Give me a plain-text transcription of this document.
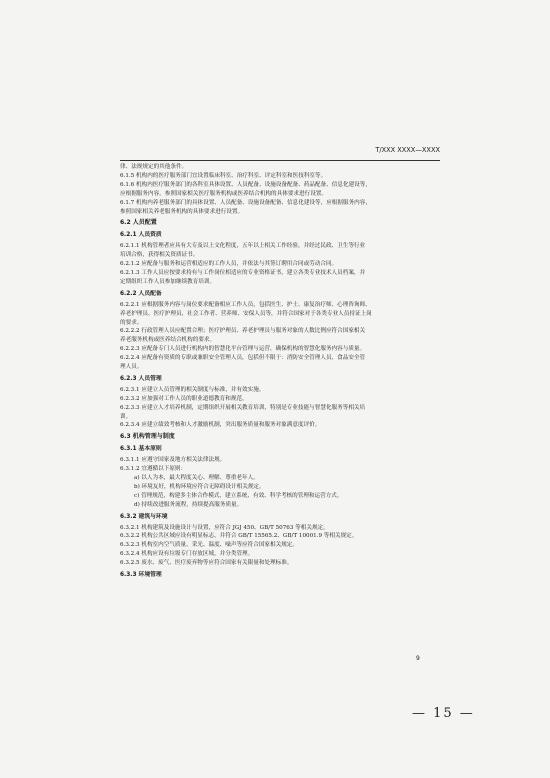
T/XXX XXXX—XXXX

律、法规规定的其他条件。

6.1.5 机构内的医疗服务部门宜设置临床科室、治疗科室、评定科室和医技科室等。

6.1.6 机构内医疗服务部门的各科室具体设置、人员配备、设施设备配备、药品配备、信息化建设等，

应根据服务内容，参照国家相关医疗服务机构或医养结合机构的具体要求进行设置。

6.1.7 机构内养老服务部门的具体设置、人员配备、设施设备配备、信息化建设等，应根据服务内容，

参照国家相关养老服务机构的具体要求进行设置。

6.2 人员配置
6.2.1 人员资质

6.2.1.1 机构管理者应具有大专及以上文化程度，五年以上相关工作经验，并经过民政、卫生等行业

培训合格，获得相关资质证书。

6.2.1.2 应配备与服务和运营相适应的工作人员，并依法与其签订聘用合同或劳动合同。

6.2.1.3 工作人员应按要求持有与工作岗位相适应的专业资格证书，建立各类专业技术人员档案，并

定期组织工作人员参加继续教育培训。

6.2.2 人员配备

6.2.2.1 应根据服务内容与岗位要求配备相应工作人员，包括医生、护士、康复治疗师、心理咨询师、

养老护理员、医疗护理员、社会工作者、营养师、安保人员等，并符合国家对于各类专业人员持证上岗

的要求。

6.2.2.2 行政管理人员应配置合理；医疗护理员、养老护理员与服务对象的人数比例应符合国家相关

养老服务机构或医养结合机构的要求。

6.2.2.3 应配备专门人员进行机构内的智慧化平台管理与运营，确保机构的智慧化服务内容与质量。

6.2.2.4 应配备有资质的专职或兼职安全管理人员，包括但不限于：消防安全管理人员、食品安全管

理人员。

6.2.3 人员管理

6.2.3.1 应建立人员管理的相关制度与标准，并有效实施。

6.2.3.2 应加强对工作人员的职业道德教育和规范。

6.2.3.3 应建立人才培养机制，定期组织开展相关教育培训，特别是专业技能与智慧化服务等相关培

训。

6.2.3.4 应建立绩效考核和人才激励机制，突出服务质量和服务对象满意度评价。

6.3 机构管理与制度
6.3.1 基本原则

6.3.1.1 应遵守国家及地方相关法律法规。

6.3.1.2 宜遵循以下原则：

a) 以人为本，最大程度关心、理解、尊重老年人。

b) 环境友好，机构环境应符合无障碍设计相关规定。

c) 管理规范，构建多主体合作模式，建立系统、有效、科学考核的管理和运营方式。

d) 持续改进服务流程，持续提高服务质量。

6.3.2 建筑与环境

6.3.2.1 机构建筑及设施设计与设置，应符合 JGJ 450、GB/T 50763 等相关规定。

6.3.2.2 机构公共区域应设有明显标志，并符合 GB/T 15565.2、GB/T 10001.9 等相关规定。

6.3.2.3 机构室内空气质量、采光、温度、噪声等应符合国家相关规定。

6.3.2.4 机构应设有垃圾专门存放区域，并分类管理。

6.3.2.5 废水、废气、医疗废弃物等应符合国家有关限量和处理标准。

6.3.3 环境管理
9
— 15 —
